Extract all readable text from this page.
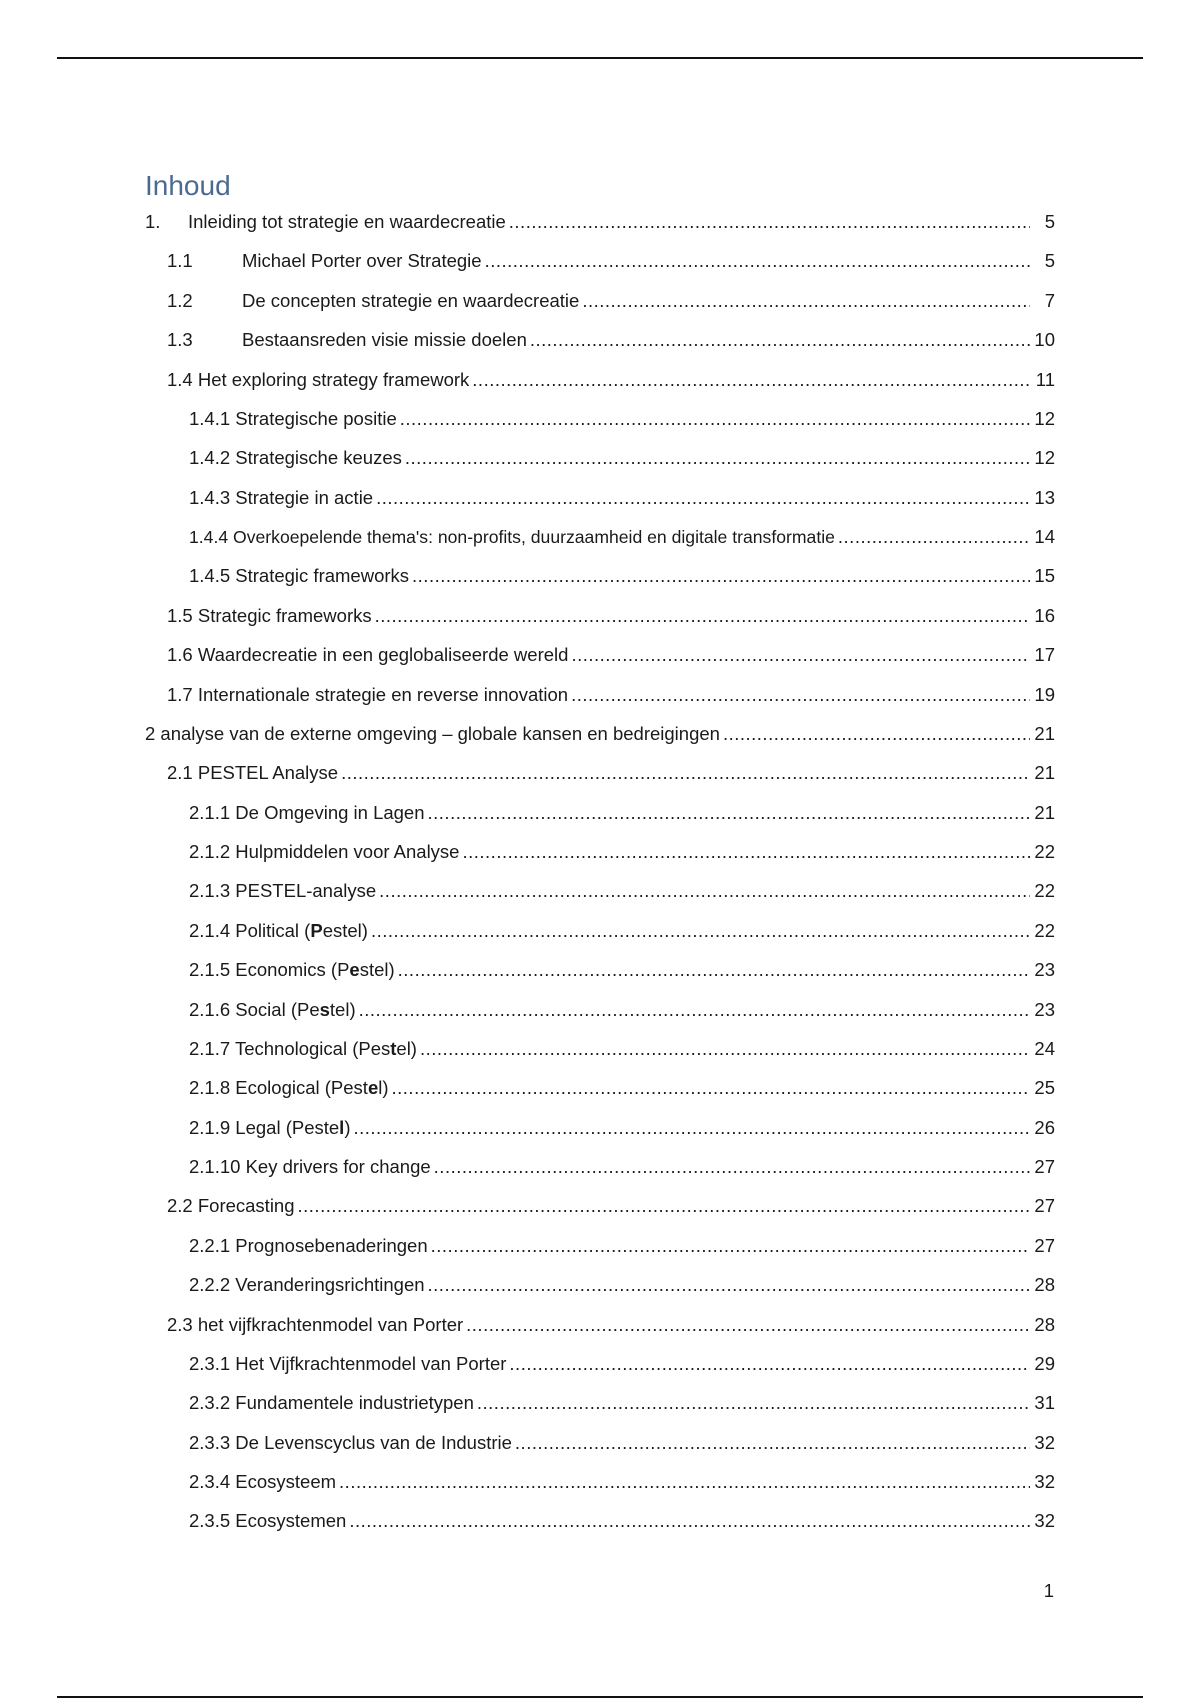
Inhoud
1.	Inleiding tot strategie en waardecreatie .....	5
1.1	Michael Porter over Strategie .....	5
1.2	De concepten strategie en waardecreatie .....	7
1.3	Bestaansreden visie missie doelen .....	10
1.4 Het exploring strategy framework .....	11
1.4.1 Strategische positie .....	12
1.4.2 Strategische keuzes .....	12
1.4.3 Strategie in actie .....	13
1.4.4 Overkoepelende thema's: non-profits, duurzaamheid en digitale transformatie .....	14
1.4.5 Strategic frameworks .....	15
1.5 Strategic frameworks .....	16
1.6 Waardecreatie in een geglobaliseerde wereld .....	17
1.7 Internationale strategie en reverse innovation .....	19
2 analyse van de externe omgeving – globale kansen en bedreigingen .....	21
2.1 PESTEL Analyse .....	21
2.1.1 De Omgeving in Lagen .....	21
2.1.2 Hulpmiddelen voor Analyse .....	22
2.1.3 PESTEL-analyse .....	22
2.1.4 Political (Pestel) .....	22
2.1.5 Economics (Pestel) .....	23
2.1.6 Social (Pestel) .....	23
2.1.7 Technological (Pestel) .....	24
2.1.8 Ecological (Pestel) .....	25
2.1.9 Legal (Pestel) .....	26
2.1.10 Key drivers for change .....	27
2.2 Forecasting .....	27
2.2.1 Prognosebenaderingen .....	27
2.2.2 Veranderingsrichtingen .....	28
2.3 het vijfkrachtenmodel van Porter .....	28
2.3.1 Het Vijfkrachtenmodel van Porter .....	29
2.3.2 Fundamentele industrietypen .....	31
2.3.3 De Levenscyclus van de Industrie .....	32
2.3.4 Ecosysteem .....	32
2.3.5 Ecosystemen .....	32
1
